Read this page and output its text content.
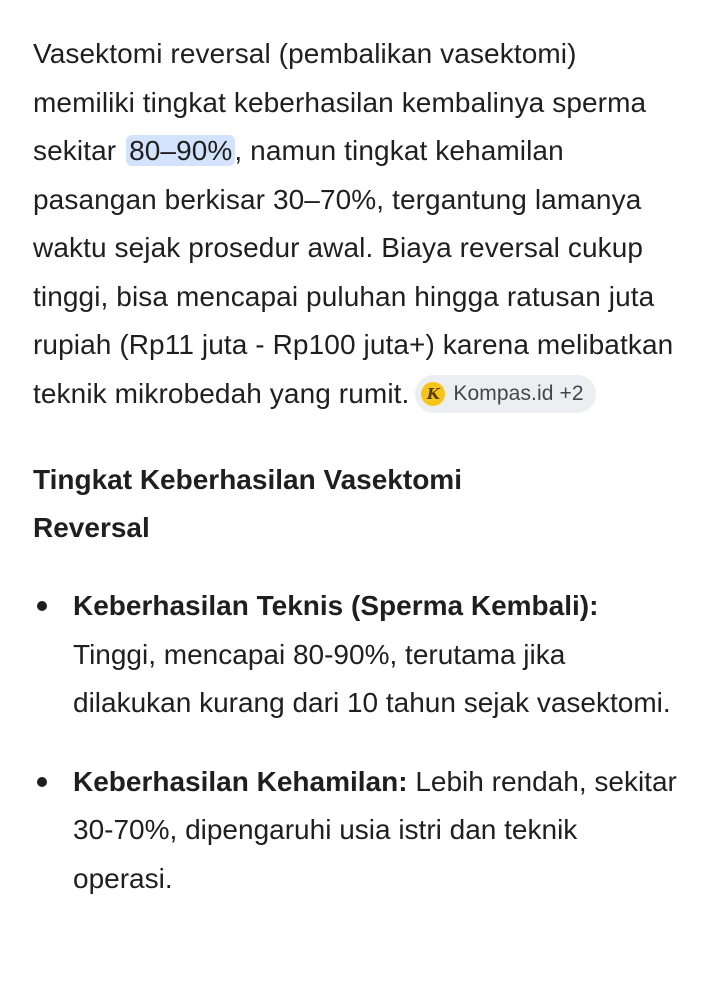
Vasektomi reversal (pembalikan vasektomi) memiliki tingkat keberhasilan kembalinya sperma sekitar 80–90%, namun tingkat kehamilan pasangan berkisar 30–70%, tergantung lamanya waktu sejak prosedur awal. Biaya reversal cukup tinggi, bisa mencapai puluhan hingga ratusan juta rupiah (Rp11 juta - Rp100 juta+) karena melibatkan teknik mikrobedah yang rumit.	K Kompas.id +2

Tingkat Keberhasilan Vasektomi Reversal
Keberhasilan Teknis (Sperma Kembali): Tinggi, mencapai 80-90%, terutama jika dilakukan kurang dari 10 tahun sejak vasektomi.
Keberhasilan Kehamilan: Lebih rendah, sekitar 30-70%, dipengaruhi usia istri dan teknik operasi.
